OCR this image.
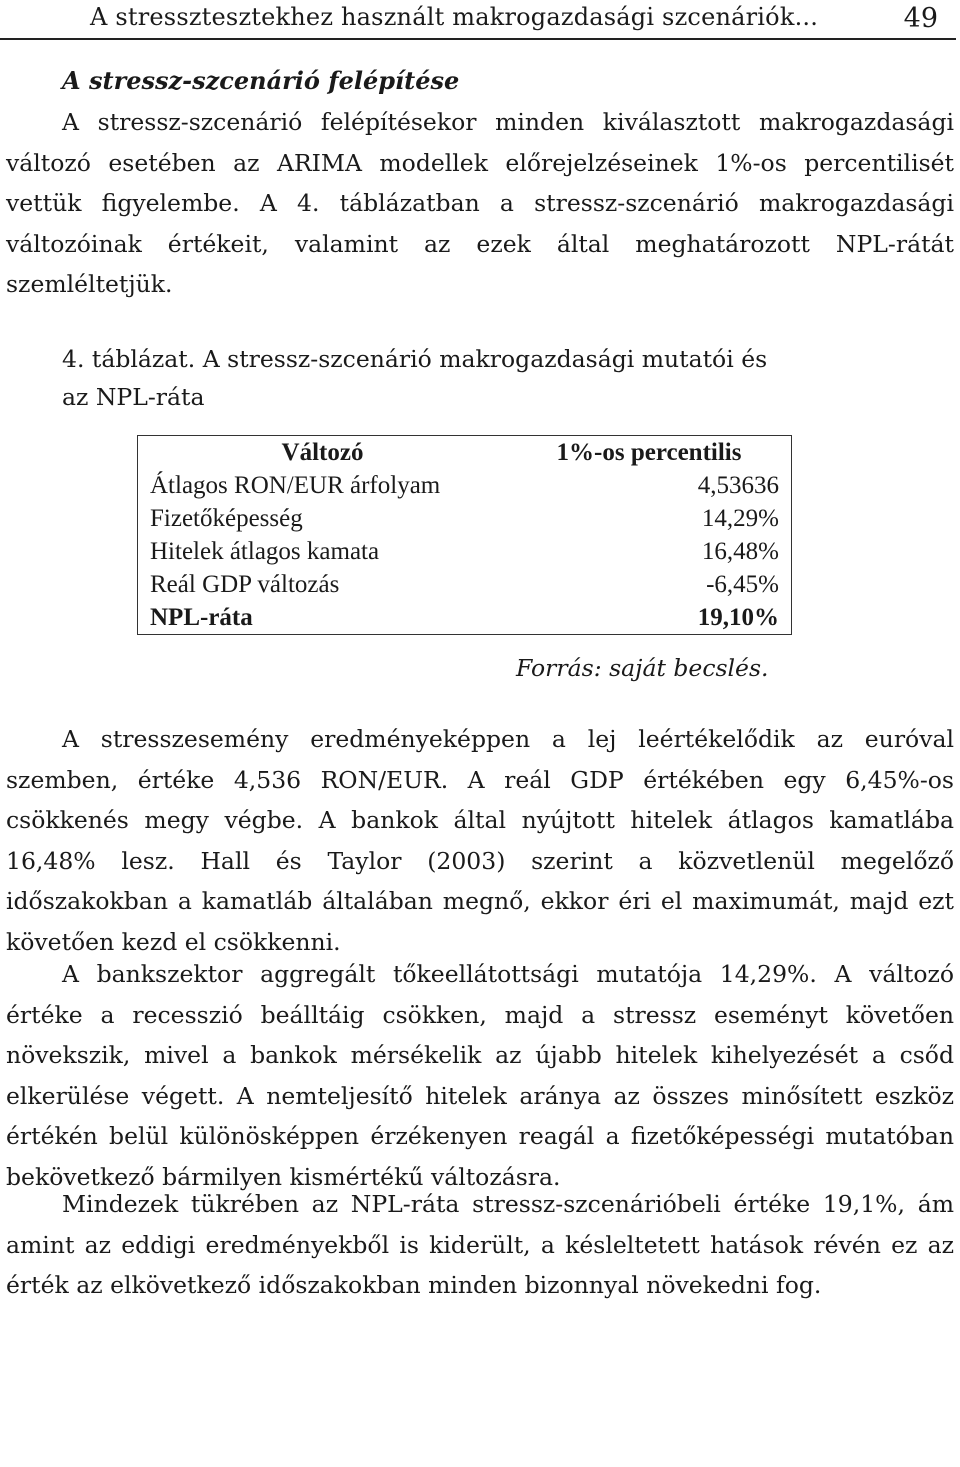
A stressztesztekhez használt makrogazdasági szcenáriók...	49
A stressz-szcenárió felépítése

A stressz-szcenárió felépítésekor minden kiválasztott makrogazdasági változó esetében az ARIMA modellek előrejelzéseinek 1%-os percentilisét vettük figyelembe. A 4. táblázatban a stressz-szcenárió makrogazdasági változóinak értékeit, valamint az ezek által meghatározott NPL-rátát szemléltetjük.

4. táblázat. A stressz-szcenárió makrogazdasági mutatói és
az NPL-ráta
Változó	1%-os percentilis
Átlagos RON/EUR árfolyam	4,53636
Fizetőképesség	14,29%
Hitelek átlagos kamata	16,48%
Reál GDP változás	-6,45%
NPL-ráta	19,10%
Forrás: saját becslés.

A stresszesemény eredményeképpen a lej leértékelődik az euróval szemben, értéke 4,536 RON/EUR. A reál GDP értékében egy 6,45%-os csökkenés megy végbe. A bankok által nyújtott hitelek átlagos kamatlába 16,48% lesz. Hall és Taylor (2003) szerint a közvetlenül megelőző időszakokban a kamatláb általában megnő, ekkor éri el maximumát, majd ezt követően kezd el csökkenni.

A bankszektor aggregált tőkeellátottsági mutatója 14,29%. A változó értéke a recesszió beálltáig csökken, majd a stressz eseményt követően növekszik, mivel a bankok mérsékelik az újabb hitelek kihelyezését a csőd elkerülése végett. A nemteljesítő hitelek aránya az összes minősített eszköz értékén belül különösképpen érzékenyen reagál a fizetőképességi mutatóban bekövetkező bármilyen kismértékű változásra.

Mindezek tükrében az NPL-ráta stressz-szcenárióbeli értéke 19,1%, ám amint az eddigi eredményekből is kiderült, a késleltetett hatások révén ez az érték az elkövetkező időszakokban minden bizonnyal növekedni fog.
